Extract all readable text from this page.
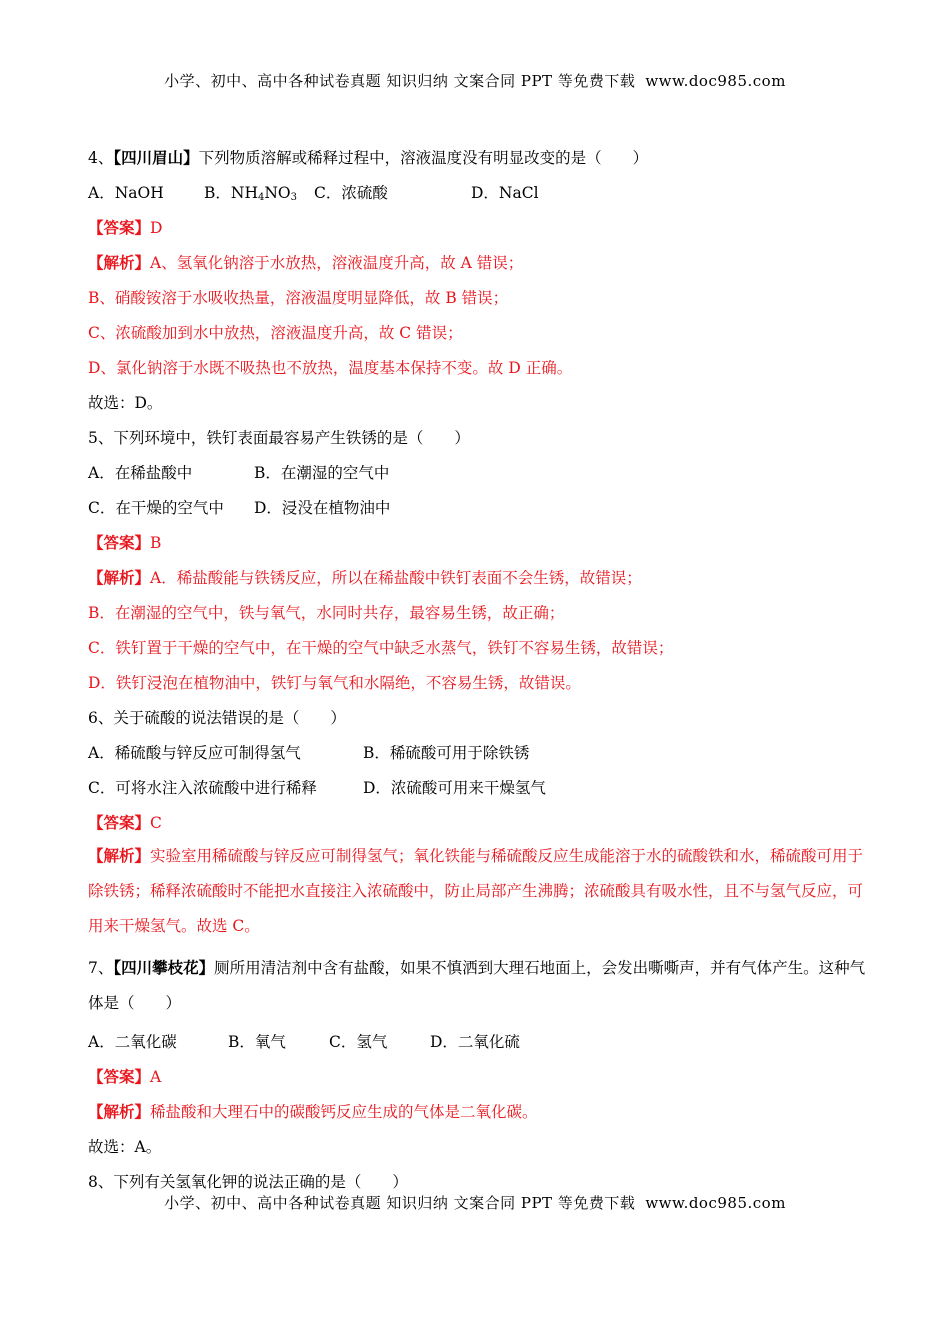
小学、初中、高中各种试卷真题 知识归纳 文案合同 PPT 等免费下载 www.doc985.com
4、【四川眉山】下列物质溶解或稀释过程中，溶液温度没有明显改变的是（　　）
A．NaOH	B．$NH_4NO_3$ C．浓硫酸	D．NaCl
【答案】D
【解析】A、氢氧化钠溶于水放热，溶液温度升高，故 A 错误；
B、硝酸铵溶于水吸收热量，溶液温度明显降低，故 B 错误；
C、浓硫酸加到水中放热，溶液温度升高，故 C 错误；
D、氯化钠溶于水既不吸热也不放热，温度基本保持不变。故 D 正确。
故选：D。
5、下列环境中，铁钉表面最容易产生铁锈的是（　　）
A．在稀盐酸中	B．在潮湿的空气中
C．在干燥的空气中 D．浸没在植物油中
【答案】B
【解析】A．稀盐酸能与铁锈反应，所以在稀盐酸中铁钉表面不会生锈，故错误；
B．在潮湿的空气中，铁与氧气，水同时共存，最容易生锈，故正确；
C．铁钉置于干燥的空气中，在干燥的空气中缺乏水蒸气，铁钉不容易生锈，故错误；
D．铁钉浸泡在植物油中，铁钉与氧气和水隔绝，不容易生锈，故错误。
6、关于硫酸的说法错误的是（　　）
A．稀硫酸与锌反应可制得氢气	B．稀硫酸可用于除铁锈
C．可将水注入浓硫酸中进行稀释	D．浓硫酸可用来干燥氢气
【答案】C
【解析】实验室用稀硫酸与锌反应可制得氢气；氧化铁能与稀硫酸反应生成能溶于水的硫酸铁和水，稀硫酸可用于除铁锈；稀释浓硫酸时不能把水直接注入浓硫酸中，防止局部产生沸腾；浓硫酸具有吸水性，且不与氢气反应，可用来干燥氢气。故选 C。
7、【四川攀枝花】厕所用清洁剂中含有盐酸，如果不慎洒到大理石地面上，会发出嘶嘶声，并有气体产生。这种气体是（　　）
A．二氧化碳	B．氧气	C．氢气	D．二氧化硫
【答案】A
【解析】稀盐酸和大理石中的碳酸钙反应生成的气体是二氧化碳。
故选：A。
8、下列有关氢氧化钾的说法正确的是（　　）
小学、初中、高中各种试卷真题 知识归纳 文案合同 PPT 等免费下载 www.doc985.com
